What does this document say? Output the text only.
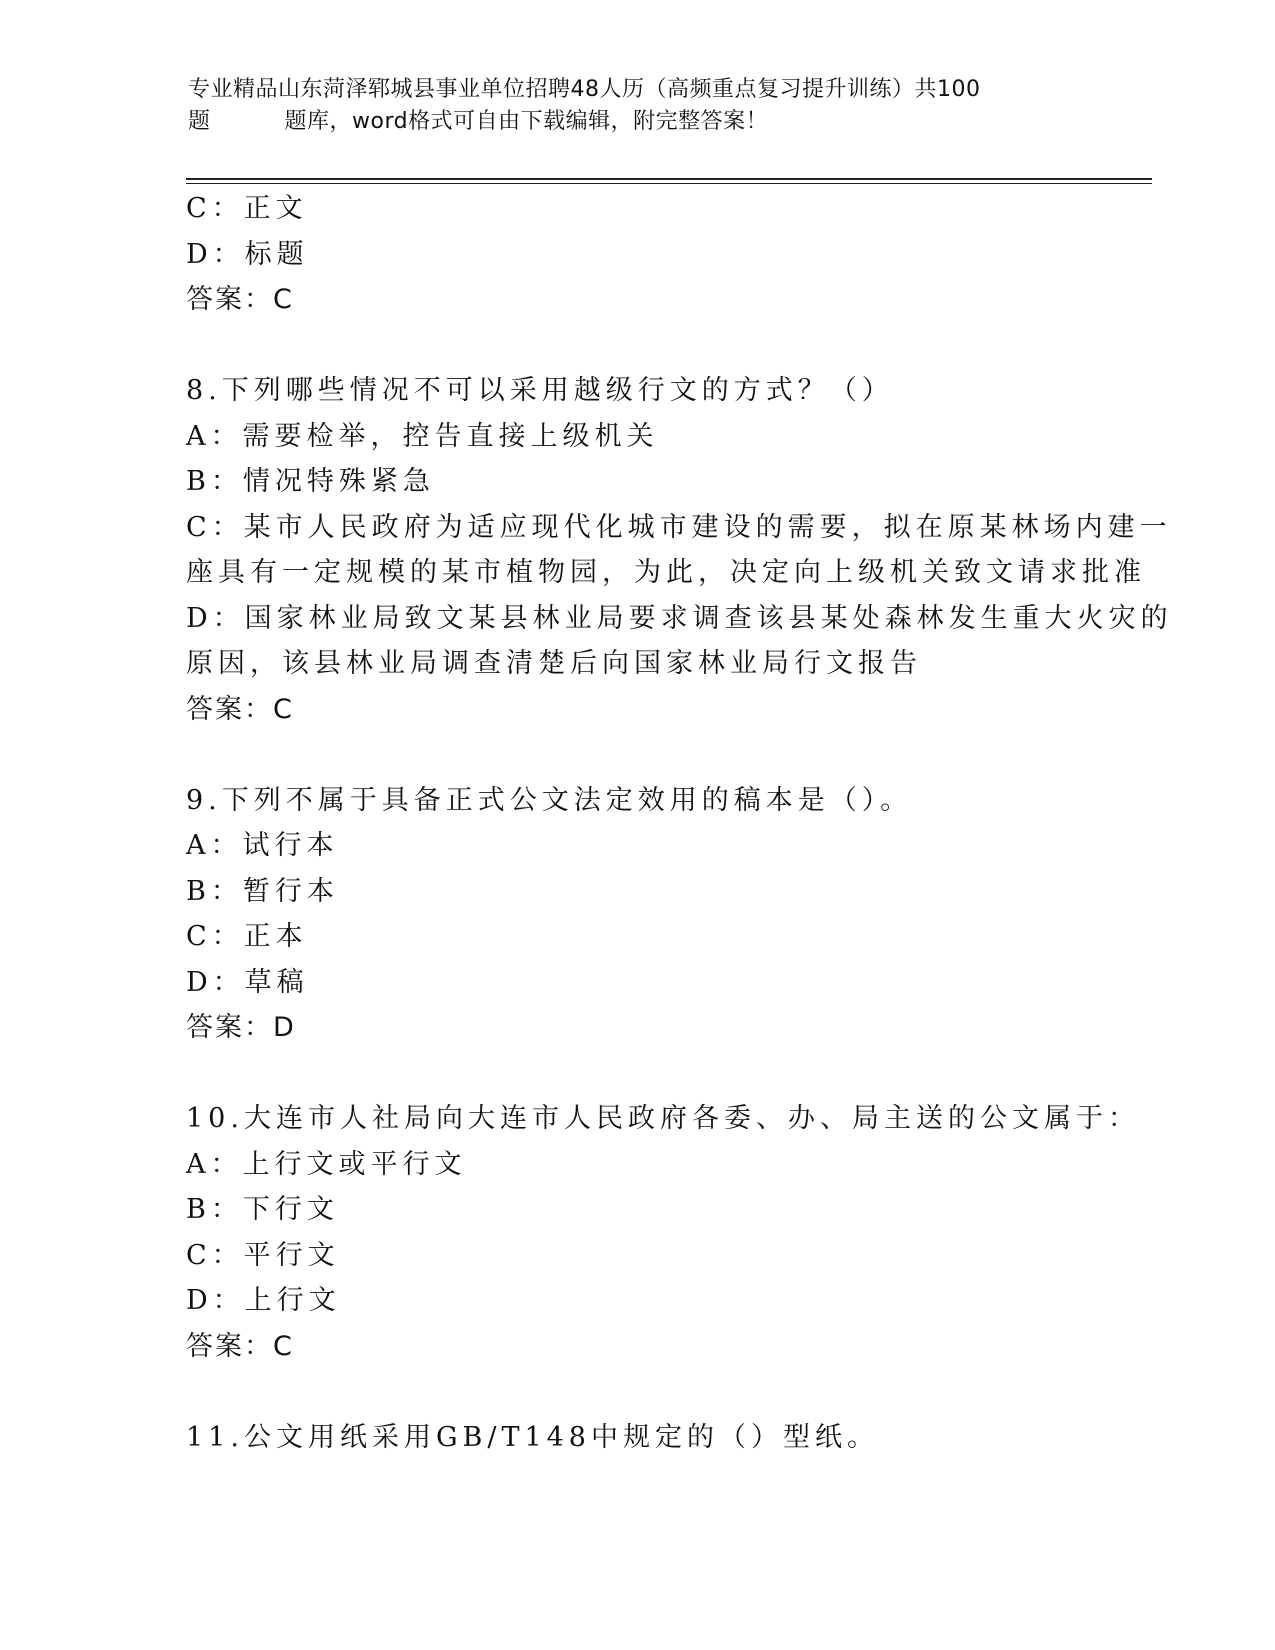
专业精品山东菏泽郓城县事业单位招聘48人历（高频重点复习提升训练）共100
题	题库，word格式可自由下载编辑，附完整答案！
C：正文
D：标题
答案：C
8.下列哪些情况不可以采用越级行文的方式？（）
A：需要检举，控告直接上级机关
B：情况特殊紧急
C：某市人民政府为适应现代化城市建设的需要，拟在原某林场内建一
座具有一定规模的某市植物园，为此，决定向上级机关致文请求批准
D：国家林业局致文某县林业局要求调查该县某处森林发生重大火灾的
原因，该县林业局调查清楚后向国家林业局行文报告
答案：C
9.下列不属于具备正式公文法定效用的稿本是（）。
A：试行本
B：暂行本
C：正本
D：草稿
答案：D
10.大连市人社局向大连市人民政府各委、办、局主送的公文属于：
A：上行文或平行文
B：下行文
C：平行文
D：上行文
答案：C
11.公文用纸采用GB/T148中规定的（）型纸。
